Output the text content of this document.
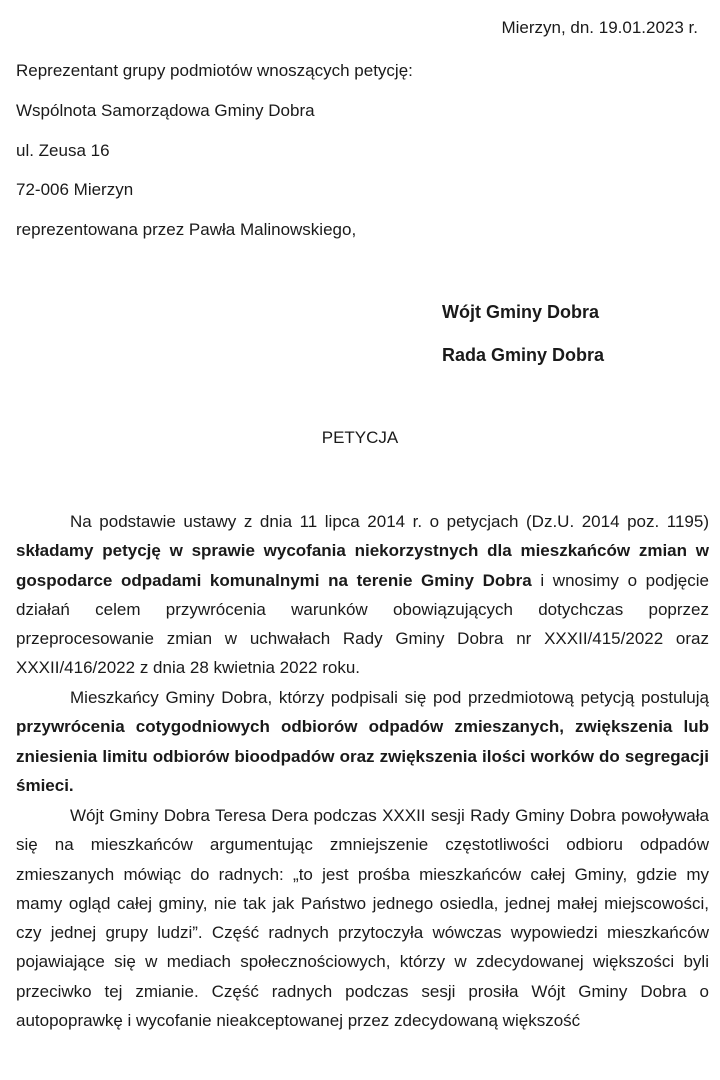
Mierzyn, dn. 19.01.2023 r.
Reprezentant grupy podmiotów wnoszących petycję:
Wspólnota Samorządowa Gminy Dobra
ul. Zeusa 16
72-006 Mierzyn
reprezentowana przez Pawła Malinowskiego,
Wójt Gminy Dobra
Rada Gminy Dobra
PETYCJA
Na podstawie ustawy z dnia 11 lipca 2014 r. o petycjach (Dz.U. 2014 poz. 1195) składamy petycję w sprawie wycofania niekorzystnych dla mieszkańców zmian w gospodarce odpadami komunalnymi na terenie Gminy Dobra i wnosimy o podjęcie działań celem przywrócenia warunków obowiązujących dotychczas poprzez przeprocesowanie zmian w uchwałach Rady Gminy Dobra nr XXXII/415/2022 oraz XXXII/416/2022 z dnia 28 kwietnia 2022 roku.
Mieszkańcy Gminy Dobra, którzy podpisali się pod przedmiotową petycją postulują przywrócenia cotygodniowych odbiorów odpadów zmieszanych, zwiększenia lub zniesienia limitu odbiorów bioodpadów oraz zwiększenia ilości worków do segregacji śmieci.
Wójt Gminy Dobra Teresa Dera podczas XXXII sesji Rady Gminy Dobra powoływała się na mieszkańców argumentując zmniejszenie częstotliwości odbioru odpadów zmieszanych mówiąc do radnych: „to jest prośba mieszkańców całej Gminy, gdzie my mamy ogląd całej gminy, nie tak jak Państwo jednego osiedla, jednej małej miejscowości, czy jednej grupy ludzi”. Część radnych przytoczyła wówczas wypowiedzi mieszkańców pojawiające się w mediach społecznościowych, którzy w zdecydowanej większości byli przeciwko tej zmianie. Część radnych podczas sesji prosiła Wójt Gminy Dobra o autopoprawkę i wycofanie nieakceptowanej przez zdecydowaną większość
